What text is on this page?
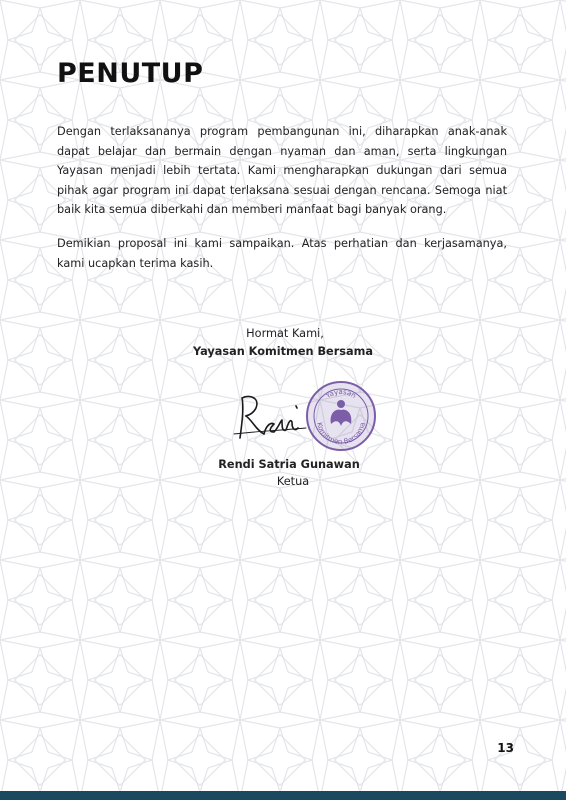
PENUTUP

Dengan terlaksananya program pembangunan ini, diharapkan anak-anak dapat belajar dan bermain dengan nyaman dan aman, serta lingkungan Yayasan menjadi lebih tertata. Kami mengharapkan dukungan dari semua pihak agar program ini dapat terlaksana sesuai dengan rencana. Semoga niat baik kita semua diberkahi dan memberi manfaat bagi banyak orang.

Demikian proposal ini kami sampaikan. Atas perhatian dan kerjasamanya, kami ucapkan terima kasih.

Hormat Kami,
Yayasan Komitmen Bersama
Yayasan
Komitmen Bersama
Rendi Satria Gunawan
Ketua
13
